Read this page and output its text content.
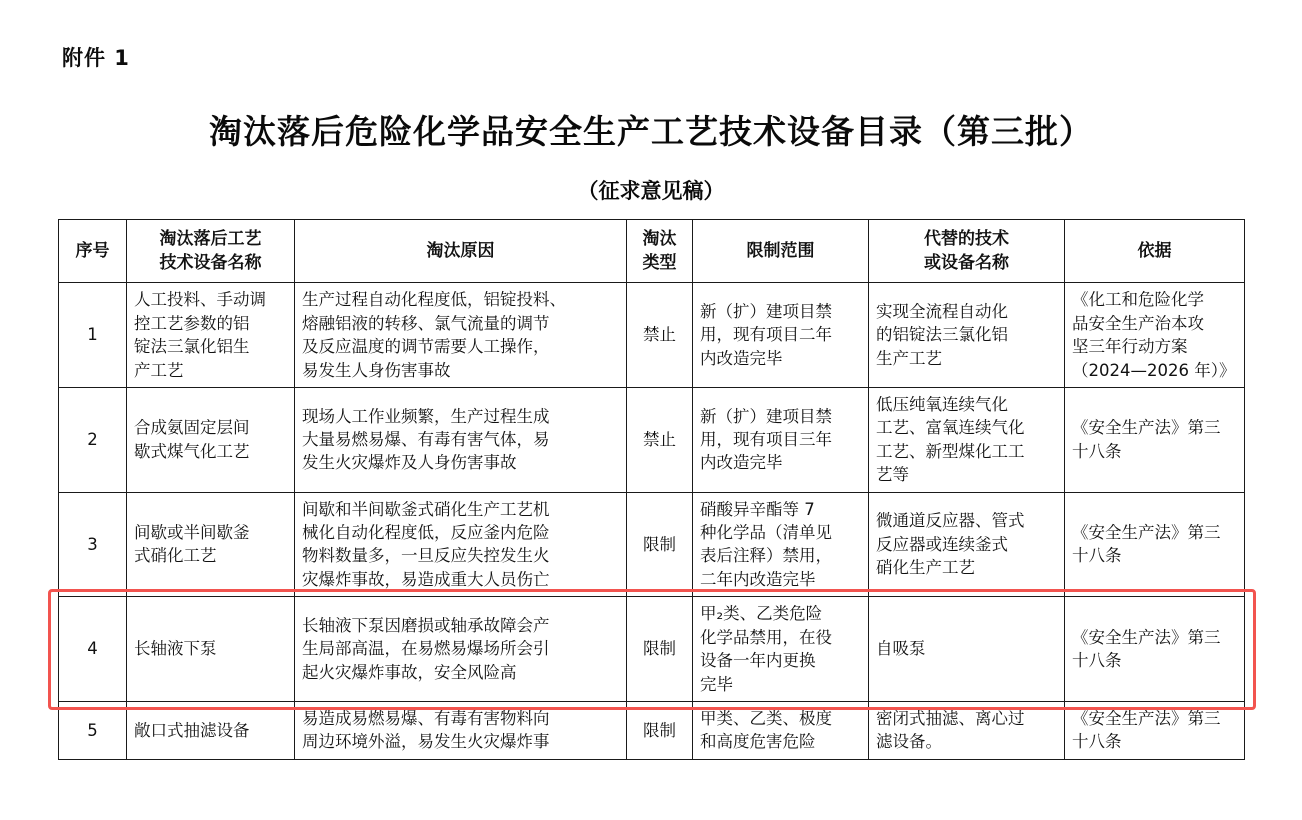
附件 1
淘汰落后危险化学品安全生产工艺技术设备目录（第三批）
（征求意见稿）
序号	淘汰落后工艺
技术设备名称	淘汰原因	淘汰
类型	限制范围	代替的技术
或设备名称	依据

1	人工投料、手动调
控工艺参数的铝
锭法三氯化铝生
产工艺	生产过程自动化程度低，铝锭投料、
熔融铝液的转移、氯气流量的调节
及反应温度的调节需要人工操作，
易发生人身伤害事故	禁止	新（扩）建项目禁
用，现有项目二年
内改造完毕	实现全流程自动化
的铝锭法三氯化铝
生产工艺	《化工和危险化学
品安全生产治本攻
坚三年行动方案
（2024—2026 年）》

2	合成氨固定层间
歇式煤气化工艺	现场人工作业频繁，生产过程生成
大量易燃易爆、有毒有害气体，易
发生火灾爆炸及人身伤害事故	禁止	新（扩）建项目禁
用，现有项目三年
内改造完毕	低压纯氧连续气化
工艺、富氧连续气化
工艺、新型煤化工工
艺等	《安全生产法》第三
十八条

3	间歇或半间歇釜
式硝化工艺	间歇和半间歇釜式硝化生产工艺机
械化自动化程度低，反应釜内危险
物料数量多，一旦反应失控发生火
灾爆炸事故，易造成重大人员伤亡	限制	硝酸异辛酯等 7
种化学品（清单见
表后注释）禁用，
二年内改造完毕	微通道反应器、管式
反应器或连续釜式
硝化生产工艺	《安全生产法》第三
十八条

4	长轴液下泵	长轴液下泵因磨损或轴承故障会产
生局部高温，在易燃易爆场所会引
起火灾爆炸事故，安全风险高	限制	甲₂类、乙类危险
化学品禁用，在役
设备一年内更换
完毕	自吸泵	《安全生产法》第三
十八条

5	敞口式抽滤设备	易造成易燃易爆、有毒有害物料向
周边环境外溢，易发生火灾爆炸事	限制	甲类、乙类、极度
和高度危害危险	密闭式抽滤、离心过
滤设备。	《安全生产法》第三
十八条
